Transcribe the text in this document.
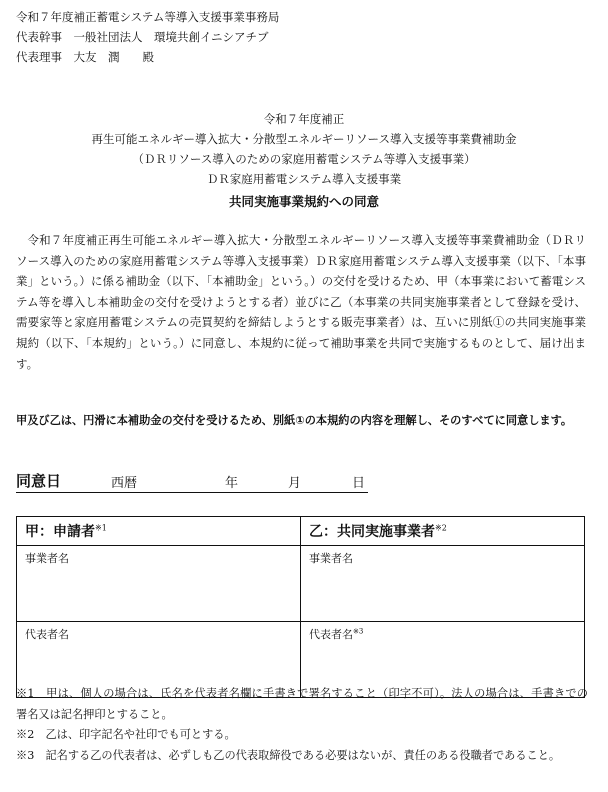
令和７年度補正蓄電システム等導入支援事業事務局
代表幹事　一般社団法人　環境共創イニシアチブ
代表理事　大友　潤　　殿
令和７年度補正
再生可能エネルギー導入拡大・分散型エネルギーリソース導入支援等事業費補助金
（ＤＲリソース導入のための家庭用蓄電システム等導入支援事業）
ＤＲ家庭用蓄電システム導入支援事業
共同実施事業規約への同意

令和７年度補正再生可能エネルギー導入拡大・分散型エネルギーリソース導入支援等事業費補助金（ＤＲリソース導入のための家庭用蓄電システム等導入支援事業）ＤＲ家庭用蓄電システム導入支援事業（以下、「本事業」という。）に係る補助金（以下、「本補助金」という。）の交付を受けるため、甲（本事業において蓄電システム等を導入し本補助金の交付を受けようとする者）並びに乙（本事業の共同実施事業者として登録を受け、需要家等と家庭用蓄電システムの売買契約を締結しようとする販売事業者）は、互いに別紙①の共同実施事業規約（以下、「本規約」という。）に同意し、本規約に従って補助事業を共同で実施するものとして、届け出ます。

甲及び乙は、円滑に本補助金の交付を受けるため、別紙①の本規約の内容を理解し、そのすべてに同意します。
同意日	西暦	年	月	日
甲：申請者$^{※1}$	乙：共同実施事業者$^{※2}$
事業者名	事業者名
代表者名	代表者名$^{※3}$
※1　甲は、個人の場合は、氏名を代表者名欄に手書きで署名すること（印字不可）。法人の場合は、手書きでの署名又は記名押印とすること。
※2　乙は、印字記名や社印でも可とする。
※3　記名する乙の代表者は、必ずしも乙の代表取締役である必要はないが、責任のある役職者であること。
